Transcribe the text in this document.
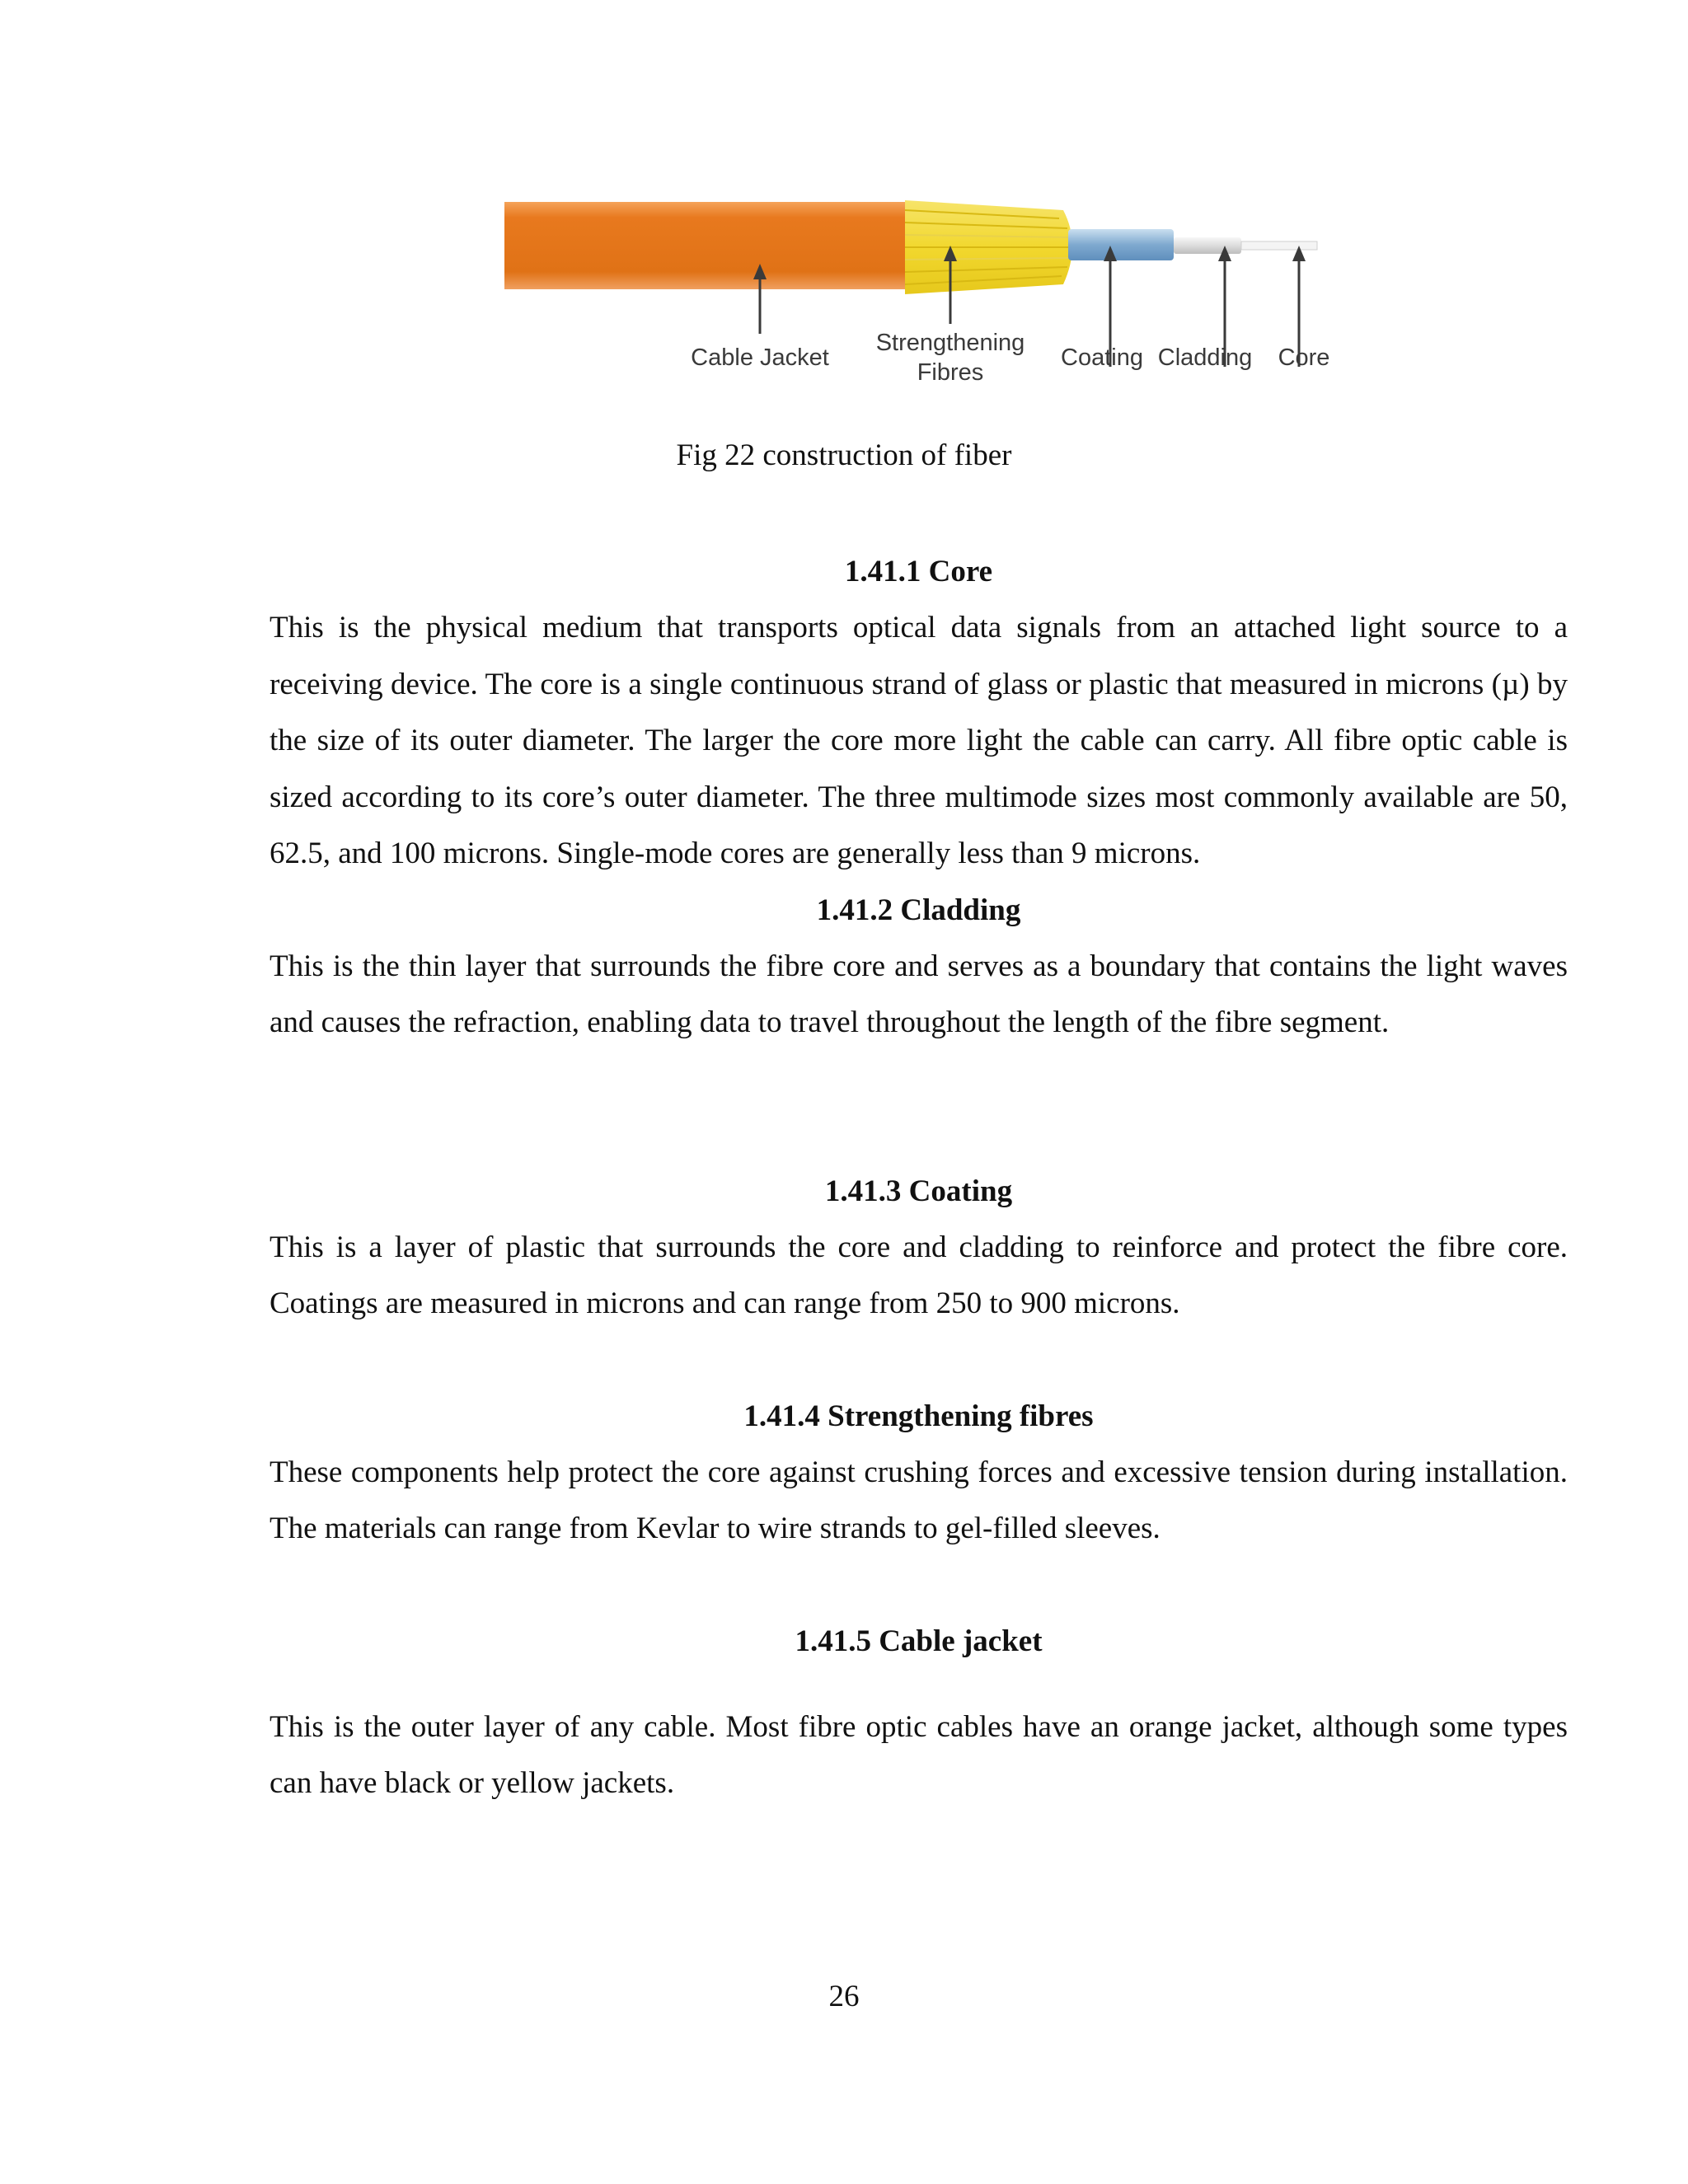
Cable Jacket
Strengthening
Fibres
Coating Cladding Core
Fig 22 construction of fiber
1.41.1 Core

This is the physical medium that transports optical data signals from an attached light source to a receiving device. The core is a single continuous strand of glass or plastic that measured in microns (µ) by the size of its outer diameter. The larger the core more light the cable can carry. All fibre optic cable is sized according to its core’s outer diameter. The three multimode sizes most commonly available are 50, 62.5, and 100 microns. Single-mode cores are generally less than 9 microns.

1.41.2 Cladding

This is the thin layer that surrounds the fibre core and serves as a boundary that contains the light waves and causes the refraction, enabling data to travel throughout the length of the fibre segment.

1.41.3 Coating

This is a layer of plastic that surrounds the core and cladding to reinforce and protect the fibre core. Coatings are measured in microns and can range from 250 to 900 microns.

1.41.4 Strengthening fibres

These components help protect the core against crushing forces and excessive tension during installation. The materials can range from Kevlar to wire strands to gel-filled sleeves.

1.41.5 Cable jacket

This is the outer layer of any cable. Most fibre optic cables have an orange jacket, although some types can have black or yellow jackets.

26
